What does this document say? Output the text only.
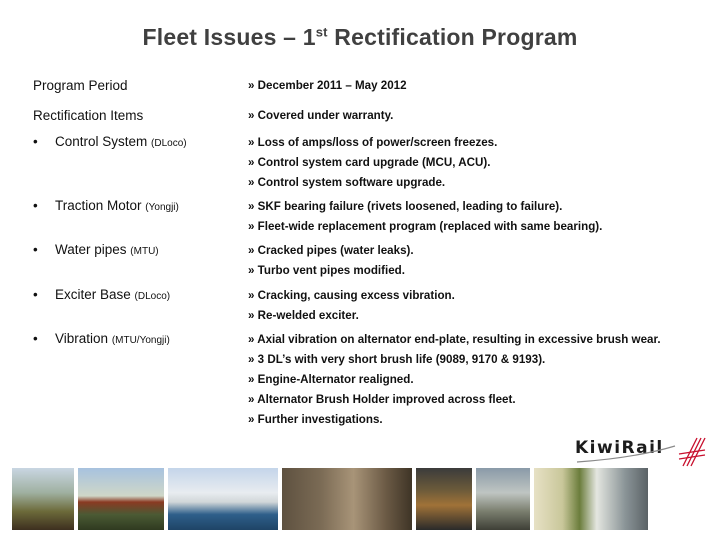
Fleet Issues – 1st Rectification Program
Program Period	» December 2011 – May 2012
Rectification Items	» Covered under warranty.
• Control System (DLoco)	» Loss of amps/loss of power/screen freezes.
» Control system card upgrade (MCU, ACU).
» Control system software upgrade.
• Traction Motor (Yongji)	» SKF bearing failure (rivets loosened, leading to failure).
» Fleet-wide replacement program (replaced with same bearing).
• Water pipes (MTU)	» Cracked pipes (water leaks).
» Turbo vent pipes modified.
• Exciter Base (DLoco)	» Cracking, causing excess vibration.
» Re-welded exciter.
• Vibration (MTU/Yongji)	» Axial vibration on alternator end-plate, resulting in excessive brush wear.
» 3 DL’s with very short brush life (9089, 9170 & 9193).
» Engine-Alternator realigned.
» Alternator Brush Holder improved across fleet.
» Further investigations.
KiwiRail
